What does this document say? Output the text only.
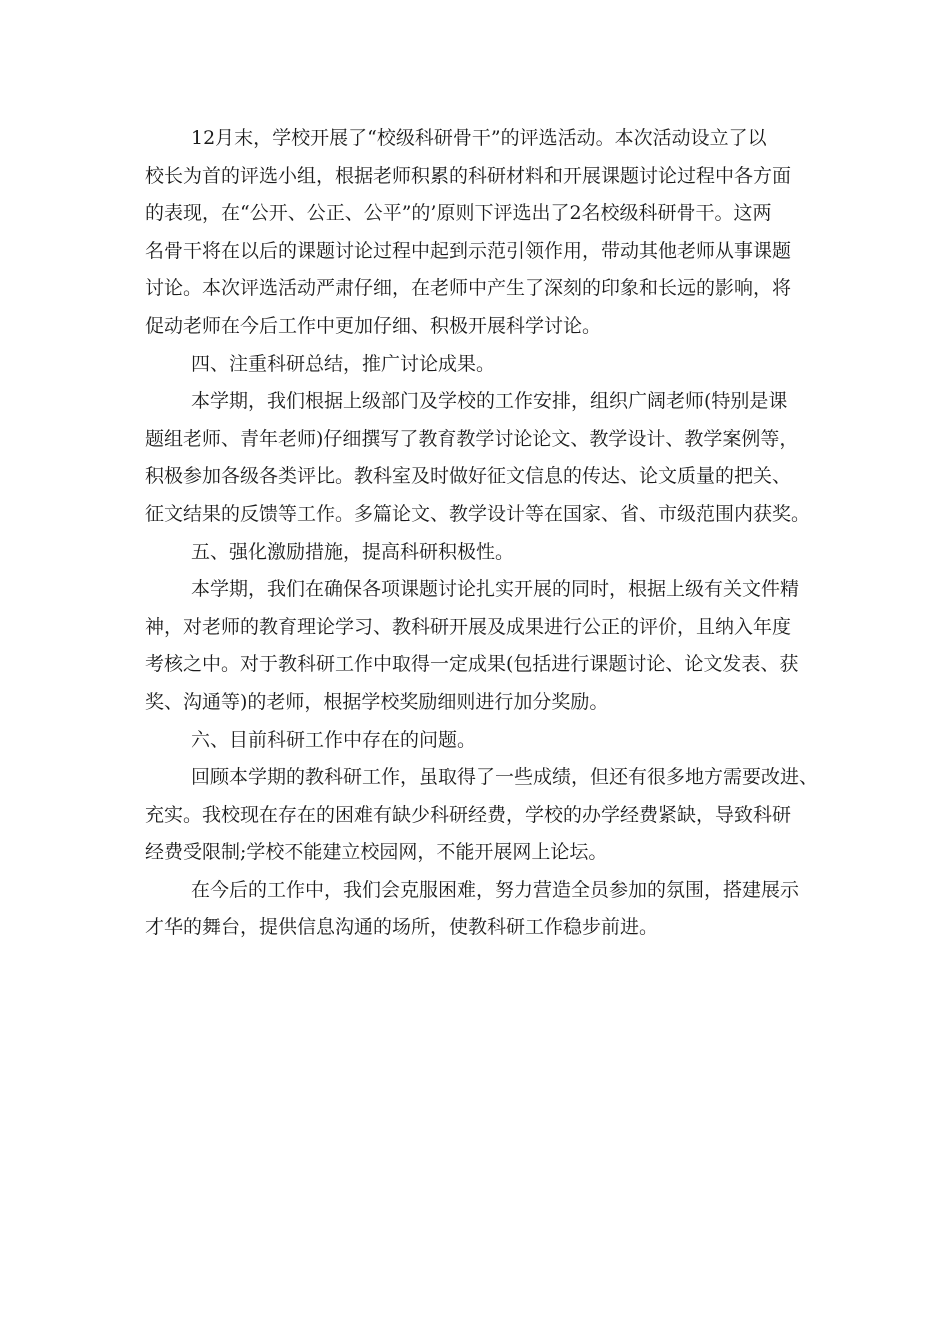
12月末，学校开展了“校级科研骨干”的评选活动。本次活动设立了以
校长为首的评选小组，根据老师积累的科研材料和开展课题讨论过程中各方面
的表现，在“公开、公正、公平”的’原则下评选出了2名校级科研骨干。这两
名骨干将在以后的课题讨论过程中起到示范引领作用，带动其他老师从事课题
讨论。本次评选活动严肃仔细，在老师中产生了深刻的印象和长远的影响，将
促动老师在今后工作中更加仔细、积极开展科学讨论。
四、注重科研总结，推广讨论成果。
本学期，我们根据上级部门及学校的工作安排，组织广阔老师(特别是课
题组老师、青年老师)仔细撰写了教育教学讨论论文、教学设计、教学案例等，
积极参加各级各类评比。教科室及时做好征文信息的传达、论文质量的把关、
征文结果的反馈等工作。多篇论文、教学设计等在国家、省、市级范围内获奖。
五、强化激励措施，提高科研积极性。
本学期，我们在确保各项课题讨论扎实开展的同时，根据上级有关文件精
神，对老师的教育理论学习、教科研开展及成果进行公正的评价，且纳入年度
考核之中。对于教科研工作中取得一定成果(包括进行课题讨论、论文发表、获
奖、沟通等)的老师，根据学校奖励细则进行加分奖励。
六、目前科研工作中存在的问题。
回顾本学期的教科研工作，虽取得了一些成绩，但还有很多地方需要改进、
充实。我校现在存在的困难有缺少科研经费，学校的办学经费紧缺，导致科研
经费受限制;学校不能建立校园网，不能开展网上论坛。
在今后的工作中，我们会克服困难，努力营造全员参加的氛围，搭建展示
才华的舞台，提供信息沟通的场所，使教科研工作稳步前进。
